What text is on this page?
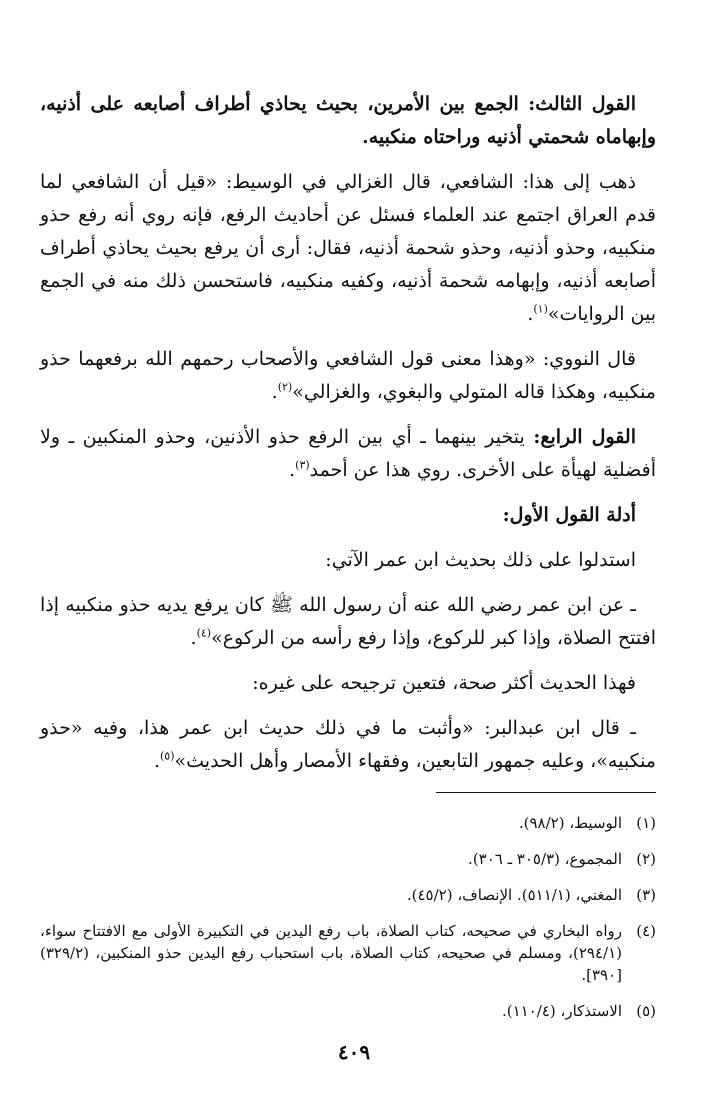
القول الثالث: الجمع بين الأمرين، بحيث يحاذي أطراف أصابعه على أذنيه، وإبهاماه شحمتي أذنيه وراحتاه منكبيه.

ذهب إلى هذا: الشافعي، قال الغزالي في الوسيط: «قيل أن الشافعي لما قدم العراق اجتمع عند العلماء فسئل عن أحاديث الرفع، فإنه روي أنه رفع حذو منكبيه، وحذو أذنيه، وحذو شحمة أذنيه، فقال: أرى أن يرفع بحيث يحاذي أطراف أصابعه أذنيه، وإبهامه شحمة أذنيه، وكفيه منكبيه، فاستحسن ذلك منه في الجمع بين الروايات»$^{(١)}$.

قال النووي: «وهذا معنى قول الشافعي والأصحاب رحمهم الله برفعهما حذو منكبيه، وهكذا قاله المتولي والبغوي، والغزالي»$^{(٢)}$.

القول الرابع: يتخير بينهما ـ أي بين الرفع حذو الأذنين، وحذو المنكبين ـ ولا أفضلية لهيأة على الأخرى. روي هذا عن أحمد$^{(٣)}$.

أدلة القول الأول:

استدلوا على ذلك بحديث ابن عمر الآتي:

ـ عن ابن عمر رضي الله عنه أن رسول الله ﷺ كان يرفع يديه حذو منكبيه إذا افتتح الصلاة، وإذا كبر للركوع، وإذا رفع رأسه من الركوع»$^{(٤)}$.

فهذا الحديث أكثر صحة، فتعين ترجيحه على غيره:

ـ قال ابن عبدالبر: «وأثبت ما في ذلك حديث ابن عمر هذا، وفيه «حذو منكبيه»، وعليه جمهور التابعين، وفقهاء الأمصار وأهل الحديث»$^{(٥)}$.

(١)
الوسيط، (٩٨/٢).
(٢)
المجموع، (٣٠٥/٣ ـ ٣٠٦).
(٣)
المغني، (٥١١/١). الإنصاف، (٤٥/٢).
(٤)
رواه البخاري في صحيحه، كتاب الصلاة، باب رفع اليدين في التكبيرة الأولى مع الافتتاح سواء، (٢٩٤/١)، ومسلم في صحيحه، كتاب الصلاة، باب استحباب رفع اليدين حذو المنكبين، (٣٢٩/٢) [٣٩٠].
(٥)
الاستذكار، (١١٠/٤).
٤٠٩
